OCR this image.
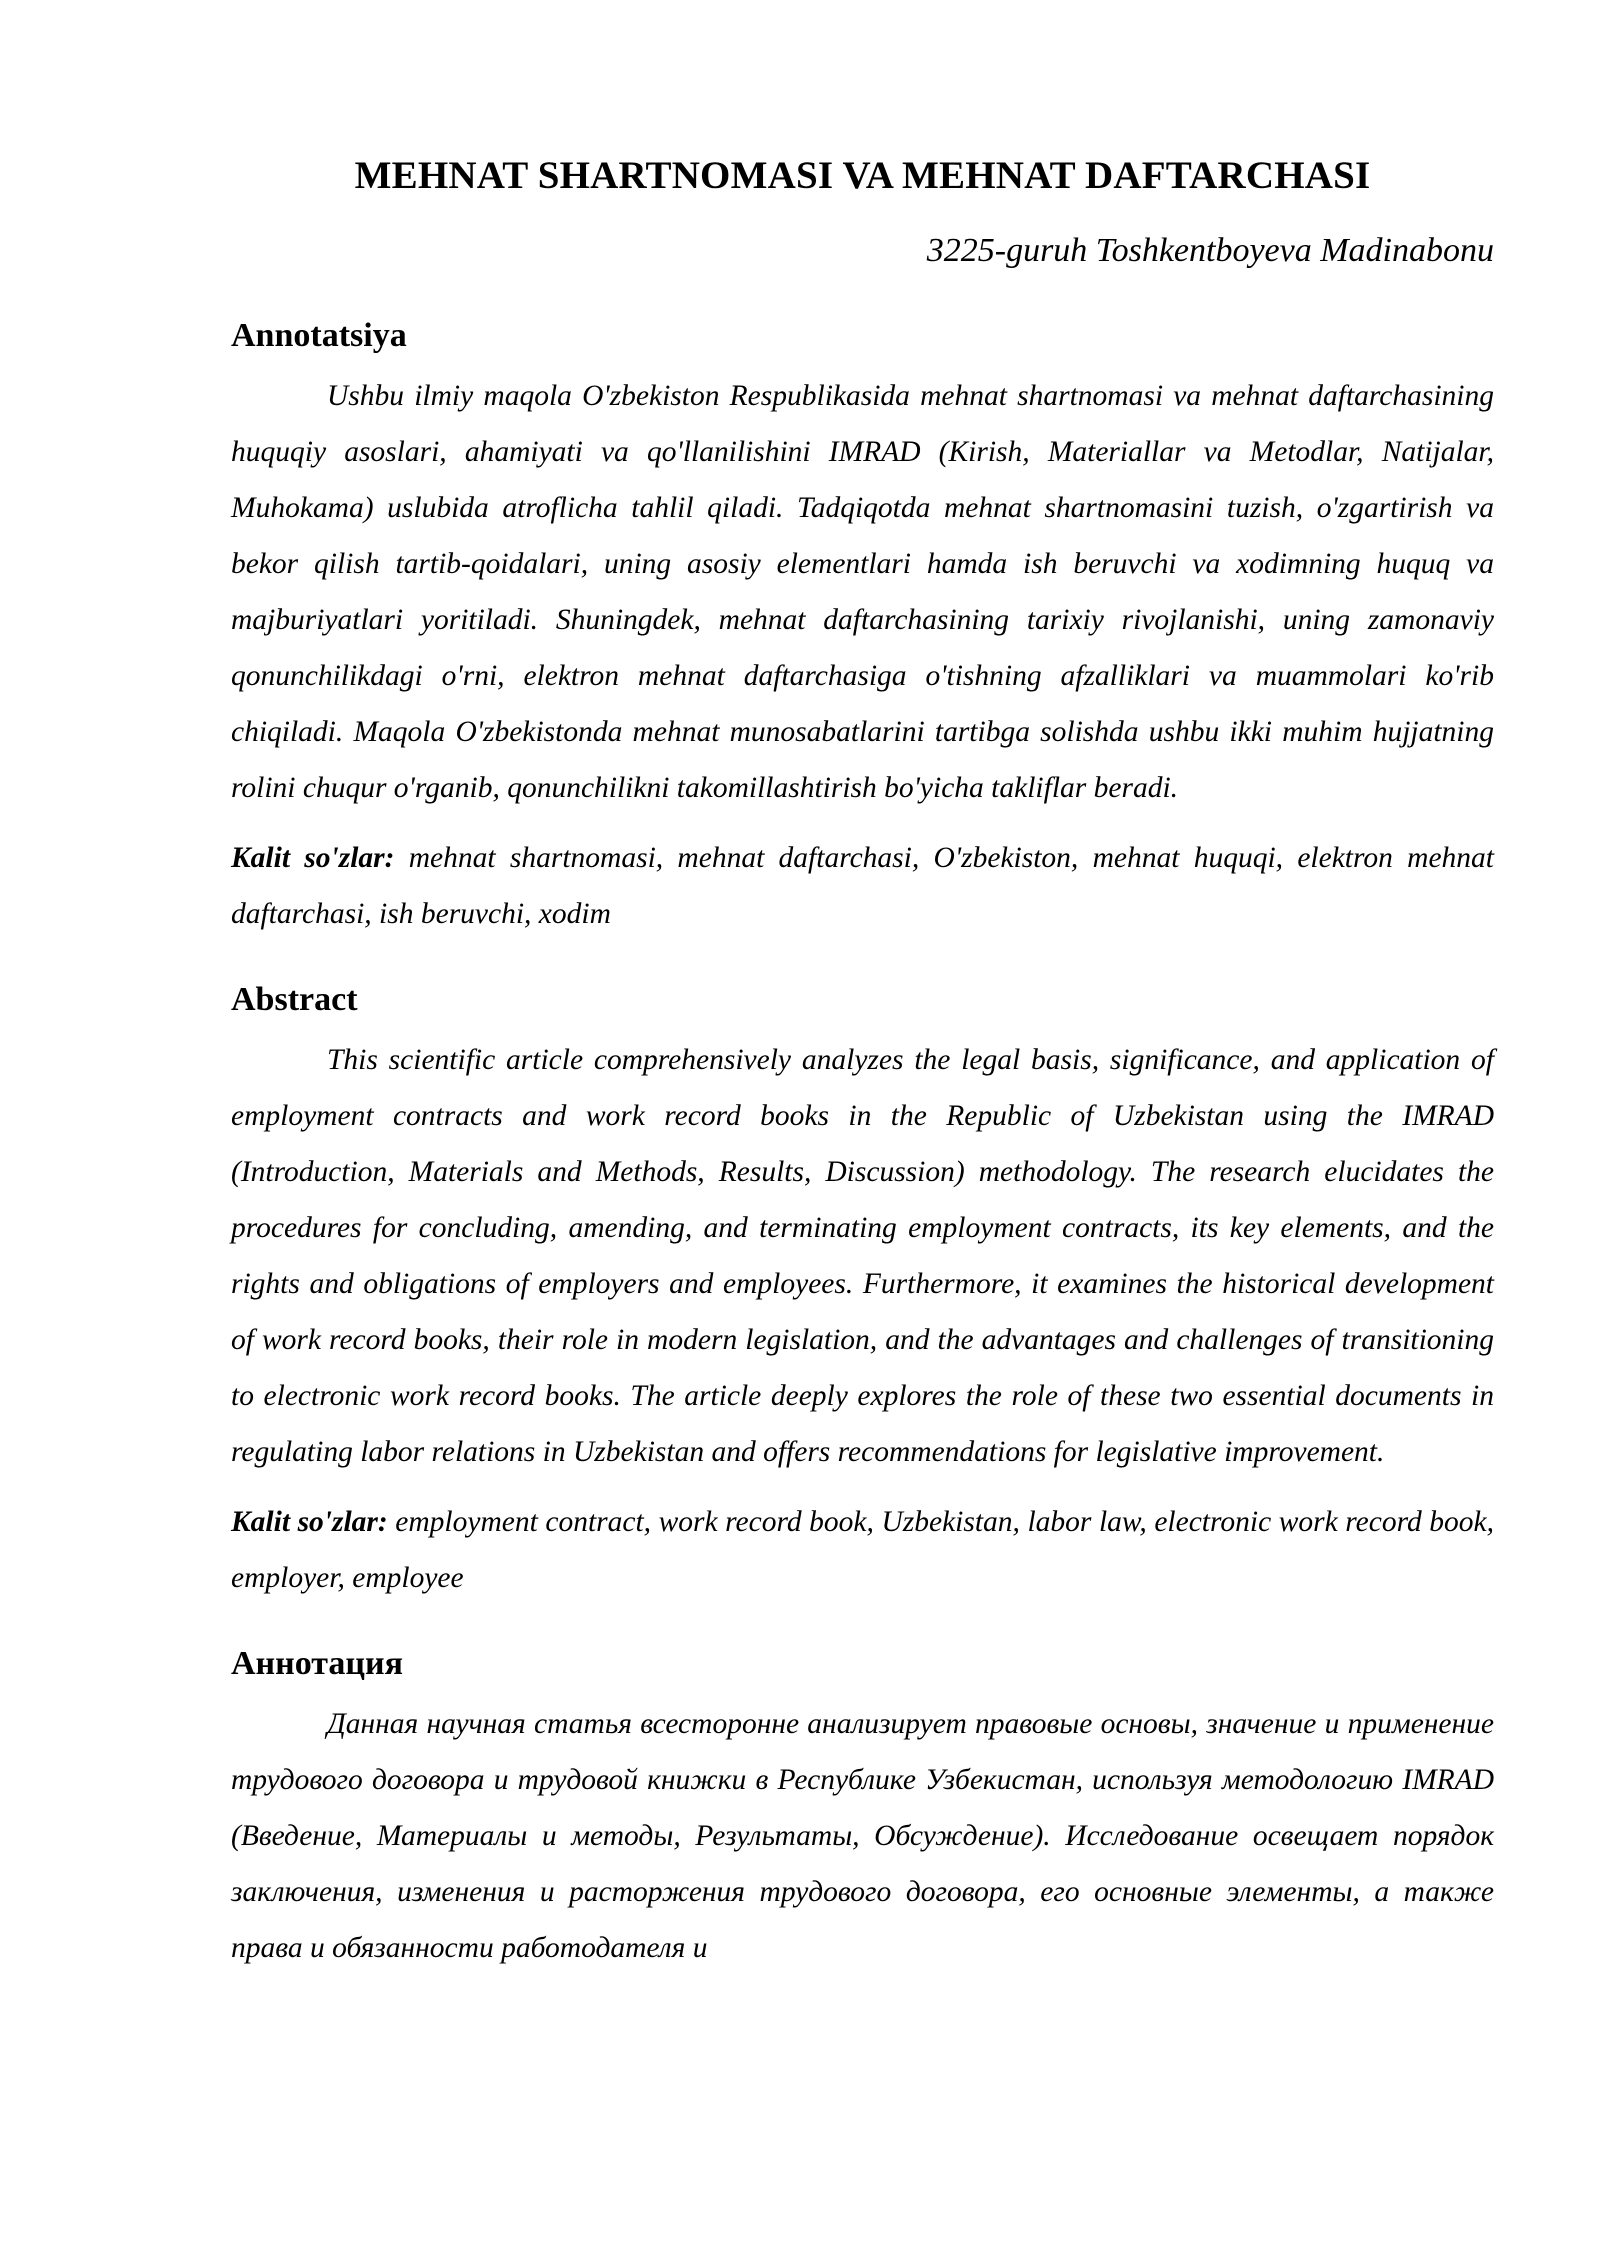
MEHNAT SHARTNOMASI VA MEHNAT DAFTARCHASI

3225-guruh Toshkentboyeva Madinabonu

Annotatsiya

Ushbu ilmiy maqola O'zbekiston Respublikasida mehnat shartnomasi va mehnat daftarchasining huquqiy asoslari, ahamiyati va qo'llanilishini IMRAD (Kirish, Materiallar va Metodlar, Natijalar, Muhokama) uslubida atroflicha tahlil qiladi. Tadqiqotda mehnat shartnomasini tuzish, o'zgartirish va bekor qilish tartib-qoidalari, uning asosiy elementlari hamda ish beruvchi va xodimning huquq va majburiyatlari yoritiladi. Shuningdek, mehnat daftarchasining tarixiy rivojlanishi, uning zamonaviy qonunchilikdagi o'rni, elektron mehnat daftarchasiga o'tishning afzalliklari va muammolari ko'rib chiqiladi. Maqola O'zbekistonda mehnat munosabatlarini tartibga solishda ushbu ikki muhim hujjatning rolini chuqur o'rganib, qonunchilikni takomillashtirish bo'yicha takliflar beradi.

Kalit so'zlar: mehnat shartnomasi, mehnat daftarchasi, O'zbekiston, mehnat huquqi, elektron mehnat daftarchasi, ish beruvchi, xodim

Abstract

This scientific article comprehensively analyzes the legal basis, significance, and application of employment contracts and work record books in the Republic of Uzbekistan using the IMRAD (Introduction, Materials and Methods, Results, Discussion) methodology. The research elucidates the procedures for concluding, amending, and terminating employment contracts, its key elements, and the rights and obligations of employers and employees. Furthermore, it examines the historical development of work record books, their role in modern legislation, and the advantages and challenges of transitioning to electronic work record books. The article deeply explores the role of these two essential documents in regulating labor relations in Uzbekistan and offers recommendations for legislative improvement.

Kalit so'zlar: employment contract, work record book, Uzbekistan, labor law, electronic work record book, employer, employee

Аннотация

Данная научная статья всесторонне анализирует правовые основы, значение и применение трудового договора и трудовой книжки в Республике Узбекистан, используя методологию IMRAD (Введение, Материалы и методы, Результаты, Обсуждение). Исследование освещает порядок заключения, изменения и расторжения трудового договора, его основные элементы, а также права и обязанности работодателя и
